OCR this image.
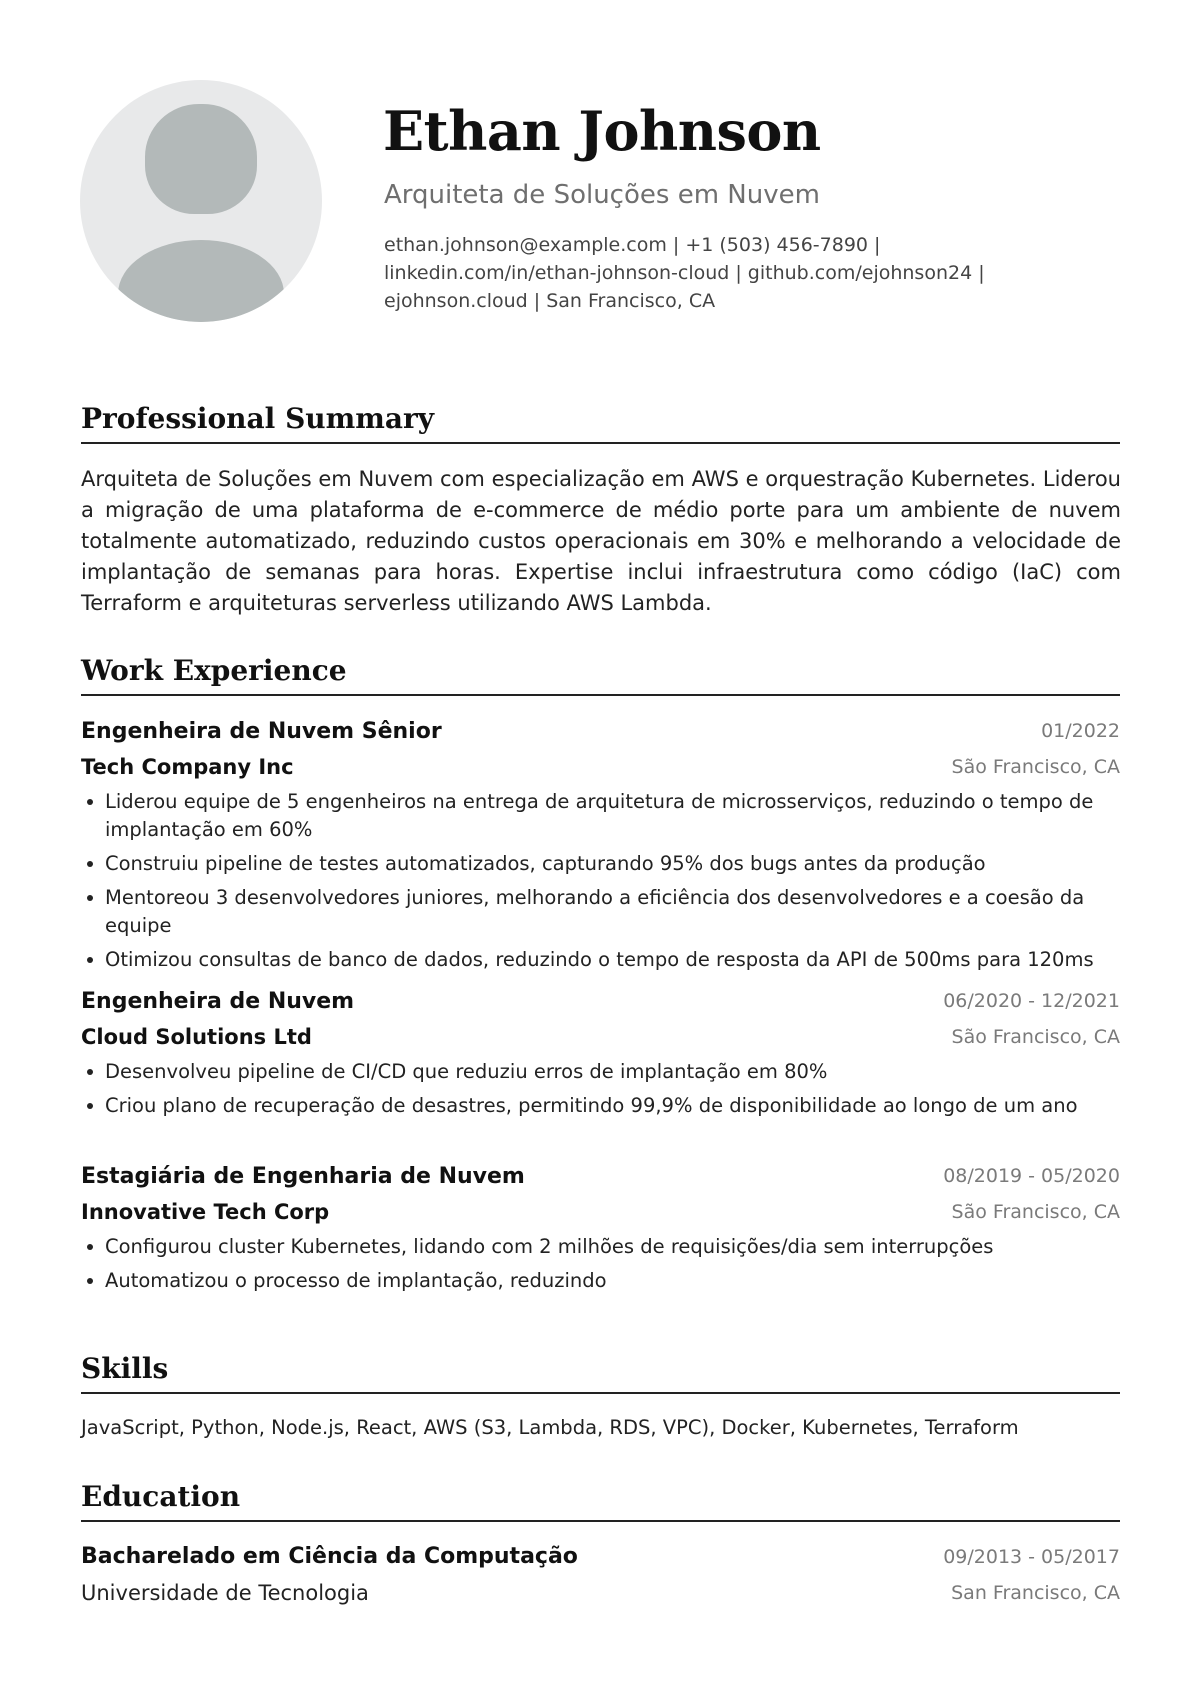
Ethan Johnson
Arquiteta de Soluções em Nuvem
ethan.johnson@example.com | +1 (503) 456-7890 |
linkedin.com/in/ethan-johnson-cloud | github.com/ejohnson24 |
ejohnson.cloud | San Francisco, CA
Professional Summary

Arquiteta de Soluções em Nuvem com especialização em AWS e orquestração Kubernetes. Liderou a migração de uma plataforma de e-commerce de médio porte para um ambiente de nuvem totalmente automatizado, reduzindo custos operacionais em 30% e melhorando a velocidade de implantação de semanas para horas. Expertise inclui infraestrutura como código (IaC) com Terraform e arquiteturas serverless utilizando AWS Lambda.

Work Experience
Engenheira de Nuvem Sênior	01/2022
Tech Company Inc	São Francisco, CA
Liderou equipe de 5 engenheiros na entrega de arquitetura de microsserviços, reduzindo o tempo de implantação em 60%
Construiu pipeline de testes automatizados, capturando 95% dos bugs antes da produção
Mentoreou 3 desenvolvedores juniores, melhorando a eficiência dos desenvolvedores e a coesão da equipe
Otimizou consultas de banco de dados, reduzindo o tempo de resposta da API de 500ms para 120ms
Engenheira de Nuvem	06/2020 - 12/2021
Cloud Solutions Ltd	São Francisco, CA
Desenvolveu pipeline de CI/CD que reduziu erros de implantação em 80%
Criou plano de recuperação de desastres, permitindo 99,9% de disponibilidade ao longo de um ano
Estagiária de Engenharia de Nuvem	08/2019 - 05/2020
Innovative Tech Corp	São Francisco, CA
Configurou cluster Kubernetes, lidando com 2 milhões de requisições/dia sem interrupções
Automatizou o processo de implantação, reduzindo
Skills
JavaScript, Python, Node.js, React, AWS (S3, Lambda, RDS, VPC), Docker, Kubernetes, Terraform
Education
Bacharelado em Ciência da Computação	09/2013 - 05/2017
Universidade de Tecnologia	San Francisco, CA
